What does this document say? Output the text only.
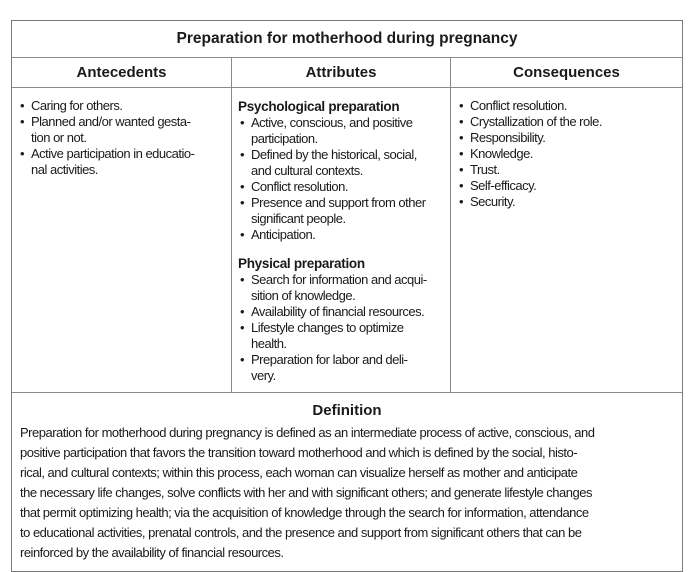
Preparation for motherhood during pregnancy
Antecedents	Attributes	Consequences
• Caring for others.
• Planned and/or wanted gesta-
tion or not.
• Active participation in educatio-
nal activities.
Psychological preparation
• Active, conscious, and positive
participation.
• Defined by the historical, social,
and cultural contexts.
• Conflict resolution.
• Presence and support from other
significant people.
• Anticipation.
Physical preparation
• Search for information and acqui-
sition of knowledge.
• Availability of financial resources.
• Lifestyle changes to optimize
health.
• Preparation for labor and deli-
very.
• Conflict resolution.
• Crystallization of the role.
• Responsibility.
• Knowledge.
• Trust.
• Self-efficacy.
• Security.
Definition
Preparation for motherhood during pregnancy is defined as an intermediate process of active, conscious, and
positive participation that favors the transition toward motherhood and which is defined by the social, histo-
rical, and cultural contexts; within this process, each woman can visualize herself as mother and anticipate
the necessary life changes, solve conflicts with her and with significant others; and generate lifestyle changes
that permit optimizing health; via the acquisition of knowledge through the search for information, attendance
to educational activities, prenatal controls, and the presence and support from significant others that can be
reinforced by the availability of financial resources.
